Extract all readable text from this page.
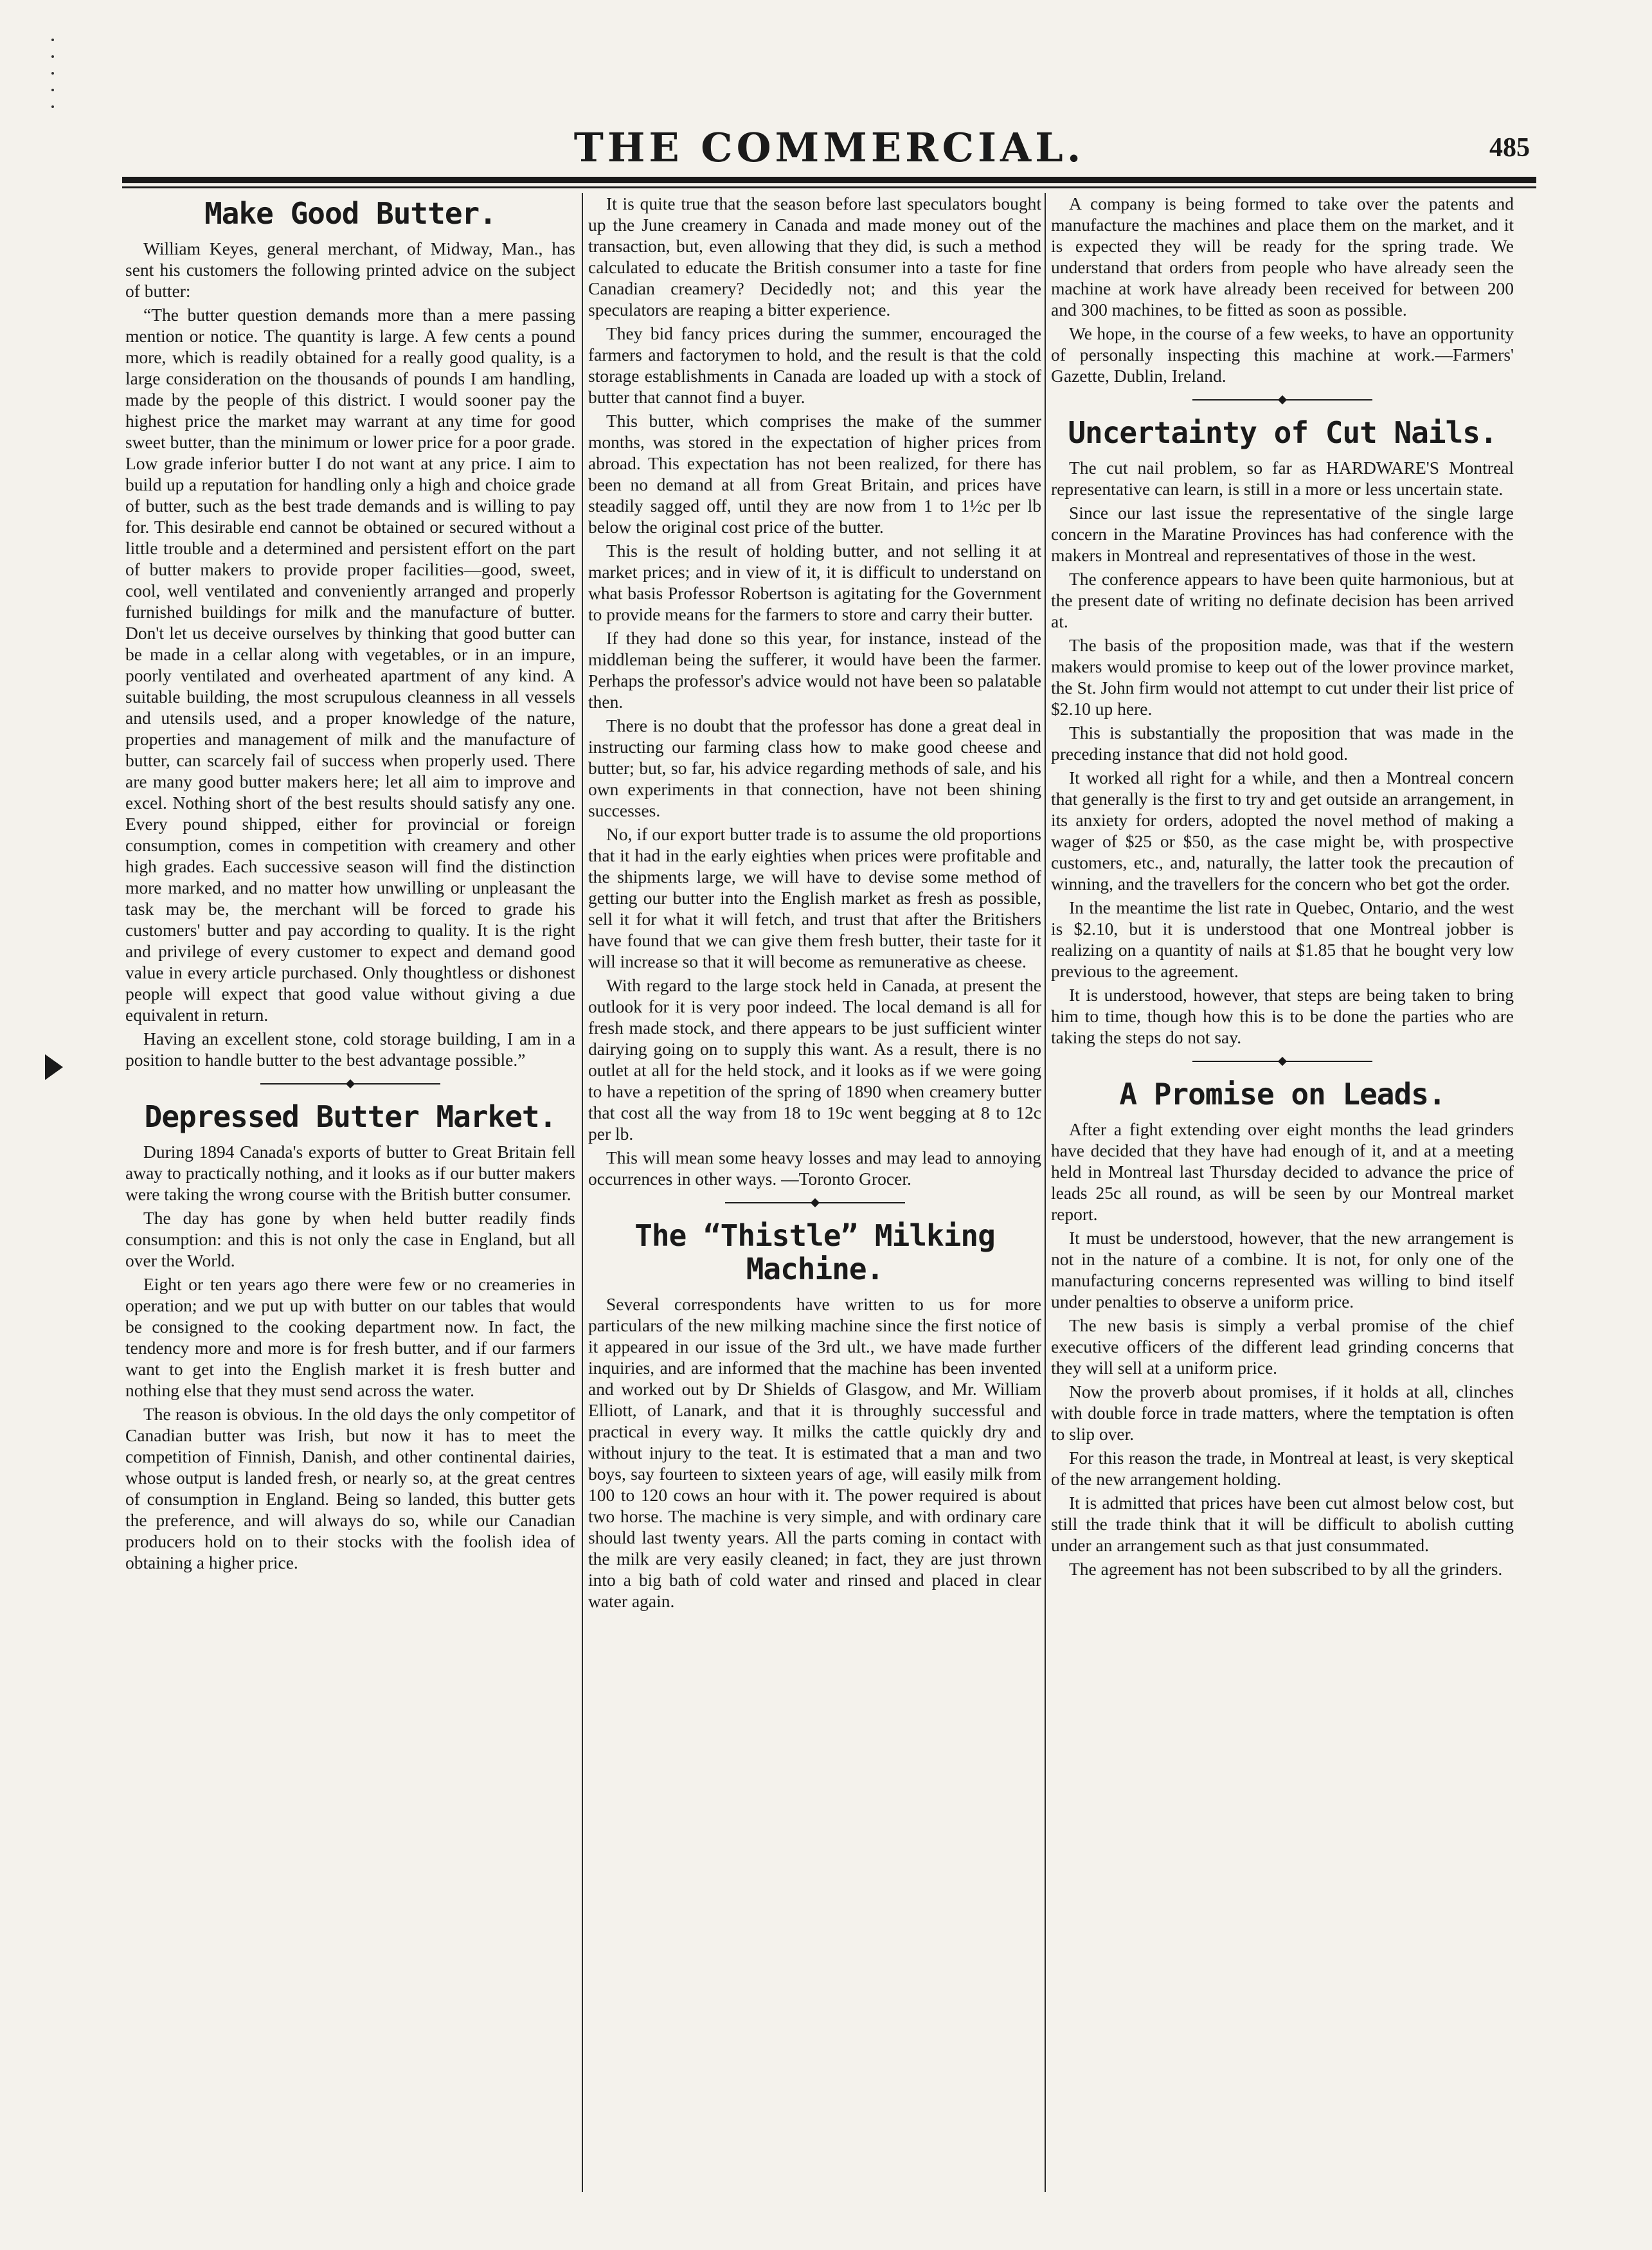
THE COMMERCIAL.	485
Make Good Butter.

William Keyes, general merchant, of Midway, Man., has sent his customers the following printed advice on the subject of butter:

“The butter question demands more than a mere passing mention or notice. The quantity is large. A few cents a pound more, which is readily obtained for a really good quality, is a large consideration on the thousands of pounds I am handling, made by the people of this district. I would sooner pay the highest price the market may warrant at any time for good sweet butter, than the minimum or lower price for a poor grade. Low grade inferior butter I do not want at any price. I aim to build up a reputation for handling only a high and choice grade of butter, such as the best trade demands and is willing to pay for. This desirable end cannot be obtained or secured without a little trouble and a determined and persistent effort on the part of butter makers to provide proper facilities—good, sweet, cool, well ventilated and conveniently arranged and properly furnished buildings for milk and the manufacture of butter. Don't let us deceive ourselves by thinking that good butter can be made in a cellar along with vegetables, or in an impure, poorly ventilated and overheated apartment of any kind. A suitable building, the most scrupulous cleanness in all vessels and utensils used, and a proper knowledge of the nature, properties and management of milk and the manufacture of butter, can scarcely fail of success when properly used. There are many good butter makers here; let all aim to improve and excel. Nothing short of the best results should satisfy any one. Every pound shipped, either for provincial or foreign consumption, comes in competition with creamery and other high grades. Each successive season will find the distinction more marked, and no matter how unwilling or unpleasant the task may be, the merchant will be forced to grade his customers' butter and pay according to quality. It is the right and privilege of every customer to expect and demand good value in every article purchased. Only thoughtless or dishonest people will expect that good value without giving a due equivalent in return.

Having an excellent stone, cold storage building, I am in a position to handle butter to the best advantage possible.”

Depressed Butter Market.

During 1894 Canada's exports of butter to Great Britain fell away to practically nothing, and it looks as if our butter makers were taking the wrong course with the British butter consumer.

The day has gone by when held butter readily finds consumption: and this is not only the case in England, but all over the World.

Eight or ten years ago there were few or no creameries in operation; and we put up with butter on our tables that would be consigned to the cooking department now. In fact, the tendency more and more is for fresh butter, and if our farmers want to get into the English market it is fresh butter and nothing else that they must send across the water.

The reason is obvious. In the old days the only competitor of Canadian butter was Irish, but now it has to meet the competition of Finnish, Danish, and other continental dairies, whose output is landed fresh, or nearly so, at the great centres of consumption in England. Being so landed, this butter gets the preference, and will always do so, while our Canadian producers hold on to their stocks with the foolish idea of obtaining a higher price.

It is quite true that the season before last speculators bought up the June creamery in Canada and made money out of the transaction, but, even allowing that they did, is such a method calculated to educate the British consumer into a taste for fine Canadian creamery? Decidedly not; and this year the speculators are reaping a bitter experience.

They bid fancy prices during the summer, encouraged the farmers and factorymen to hold, and the result is that the cold storage establishments in Canada are loaded up with a stock of butter that cannot find a buyer.

This butter, which comprises the make of the summer months, was stored in the expectation of higher prices from abroad. This expectation has not been realized, for there has been no demand at all from Great Britain, and prices have steadily sagged off, until they are now from 1 to 1½c per lb below the original cost price of the butter.

This is the result of holding butter, and not selling it at market prices; and in view of it, it is difficult to understand on what basis Professor Robertson is agitating for the Government to provide means for the farmers to store and carry their butter.

If they had done so this year, for instance, instead of the middleman being the sufferer, it would have been the farmer. Perhaps the professor's advice would not have been so palatable then.

There is no doubt that the professor has done a great deal in instructing our farming class how to make good cheese and butter; but, so far, his advice regarding methods of sale, and his own experiments in that connection, have not been shining successes.

No, if our export butter trade is to assume the old proportions that it had in the early eighties when prices were profitable and the shipments large, we will have to devise some method of getting our butter into the English market as fresh as possible, sell it for what it will fetch, and trust that after the Britishers have found that we can give them fresh butter, their taste for it will increase so that it will become as remunerative as cheese.

With regard to the large stock held in Canada, at present the outlook for it is very poor indeed. The local demand is all for fresh made stock, and there appears to be just sufficient winter dairying going on to supply this want. As a result, there is no outlet at all for the held stock, and it looks as if we were going to have a repetition of the spring of 1890 when creamery butter that cost all the way from 18 to 19c went begging at 8 to 12c per lb.

This will mean some heavy losses and may lead to annoying occurrences in other ways. —Toronto Grocer.

The “Thistle” Milking Machine.

Several correspondents have written to us for more particulars of the new milking machine since the first notice of it appeared in our issue of the 3rd ult., we have made further inquiries, and are informed that the machine has been invented and worked out by Dr Shields of Glasgow, and Mr. William Elliott, of Lanark, and that it is throughly successful and practical in every way. It milks the cattle quickly dry and without injury to the teat. It is estimated that a man and two boys, say fourteen to sixteen years of age, will easily milk from 100 to 120 cows an hour with it. The power required is about two horse. The machine is very simple, and with ordinary care should last twenty years. All the parts coming in contact with the milk are very easily cleaned; in fact, they are just thrown into a big bath of cold water and rinsed and placed in clear water again.

A company is being formed to take over the patents and manufacture the machines and place them on the market, and it is expected they will be ready for the spring trade. We understand that orders from people who have already seen the machine at work have already been received for between 200 and 300 machines, to be fitted as soon as possible.

We hope, in the course of a few weeks, to have an opportunity of personally inspecting this machine at work.—Farmers' Gazette, Dublin, Ireland.

Uncertainty of Cut Nails.

The cut nail problem, so far as HARDWARE'S Montreal representative can learn, is still in a more or less uncertain state.

Since our last issue the representative of the single large concern in the Maratine Provinces has had conference with the makers in Montreal and representatives of those in the west.

The conference appears to have been quite harmonious, but at the present date of writing no definate decision has been arrived at.

The basis of the proposition made, was that if the western makers would promise to keep out of the lower province market, the St. John firm would not attempt to cut under their list price of $2.10 up here.

This is substantially the proposition that was made in the preceding instance that did not hold good.

It worked all right for a while, and then a Montreal concern that generally is the first to try and get outside an arrangement, in its anxiety for orders, adopted the novel method of making a wager of $25 or $50, as the case might be, with prospective customers, etc., and, naturally, the latter took the precaution of winning, and the travellers for the concern who bet got the order.

In the meantime the list rate in Quebec, Ontario, and the west is $2.10, but it is understood that one Montreal jobber is realizing on a quantity of nails at $1.85 that he bought very low previous to the agreement.

It is understood, however, that steps are being taken to bring him to time, though how this is to be done the parties who are taking the steps do not say.

A Promise on Leads.

After a fight extending over eight months the lead grinders have decided that they have had enough of it, and at a meeting held in Montreal last Thursday decided to advance the price of leads 25c all round, as will be seen by our Montreal market report.

It must be understood, however, that the new arrangement is not in the nature of a combine. It is not, for only one of the manufacturing concerns represented was willing to bind itself under penalties to observe a uniform price.

The new basis is simply a verbal promise of the chief executive officers of the different lead grinding concerns that they will sell at a uniform price.

Now the proverb about promises, if it holds at all, clinches with double force in trade matters, where the temptation is often to slip over.

For this reason the trade, in Montreal at least, is very skeptical of the new arrangement holding.

It is admitted that prices have been cut almost below cost, but still the trade think that it will be difficult to abolish cutting under an arrangement such as that just consummated.

The agreement has not been subscribed to by all the grinders.
